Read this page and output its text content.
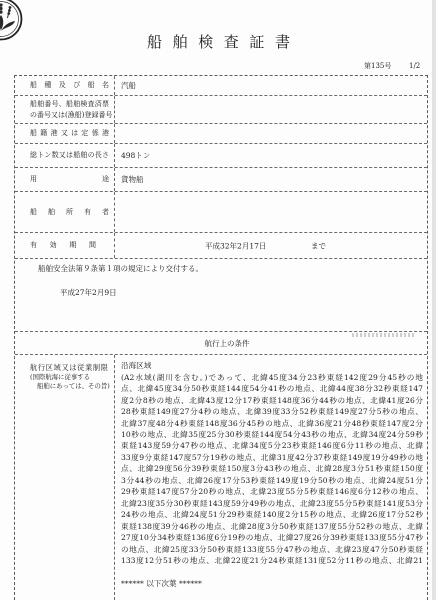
船舶検査証書
第135号	1/2
船種及び船名 汽船
船舶番号、船舶検査済票
の番号又は(漁船)登録番号
船籍港又は定係港
総トン数又は船舶の長さ 498トン
用途 貨物船
船舶所有者
有効期間	平成32年2月17日	まで
船舶安全法第９条第１項の規定により交付する。
平成27年2月9日
航行上の条件
航行区域又は従業制限
(国際航海に従事する
船舶にあっては、その旨)
沿海区域
(A2水域(湖川を含む。)であって、北緯45度34分23秒東経142度29分45秒の地
点、北緯45度34分50秒東経144度54分41秒の地点、北緯44度38分32秒東経147
度2分8秒の地点、北緯43度12分17秒東経148度36分44秒の地点、北緯41度26分
28秒東経149度27分4秒の地点、北緯39度33分52秒東経149度27分5秒の地点、
北緯37度48分4秒東経148度36分45秒の地点、北緯36度21分48秒東経147度2分
10秒の地点、北緯35度25分30秒東経144度54分43秒の地点、北緯34度24分59秒
東経143度59分47秒の地点、北緯34度5分23秒東経146度6分11秒の地点、北緯
33度9分東経147度57分19秒の地点、北緯31度42分37秒東経149度19分49秒の地
点、北緯29度56分39秒東経150度3分43秒の地点、北緯28度3分51秒東経150度
3分44秒の地点、北緯26度17分53秒東経149度19分50秒の地点、北緯24度51分
29秒東経147度57分20秒の地点、北緯23度55分5秒東経146度6分12秒の地点、
北緯23度35分30秒東経143度59分49秒の地点、北緯23度55分5秒東経141度53分
24秒の地点、北緯24度51分29秒東経140度2分15秒の地点、北緯26度17分52秒
東経138度39分46秒の地点、北緯28度3分50秒東経137度55分52秒の地点、北緯
27度10分34秒東経136度6分19秒の地点、北緯27度26分39秒東経133度55分47秒
の地点、北緯25度33分50秒東経133度55分47秒の地点、北緯23度47分50秒東経
133度12分51秒の地点、北緯22度21分24秒東経131度52分11秒の地点、北緯21
****** 以下次葉 ******
